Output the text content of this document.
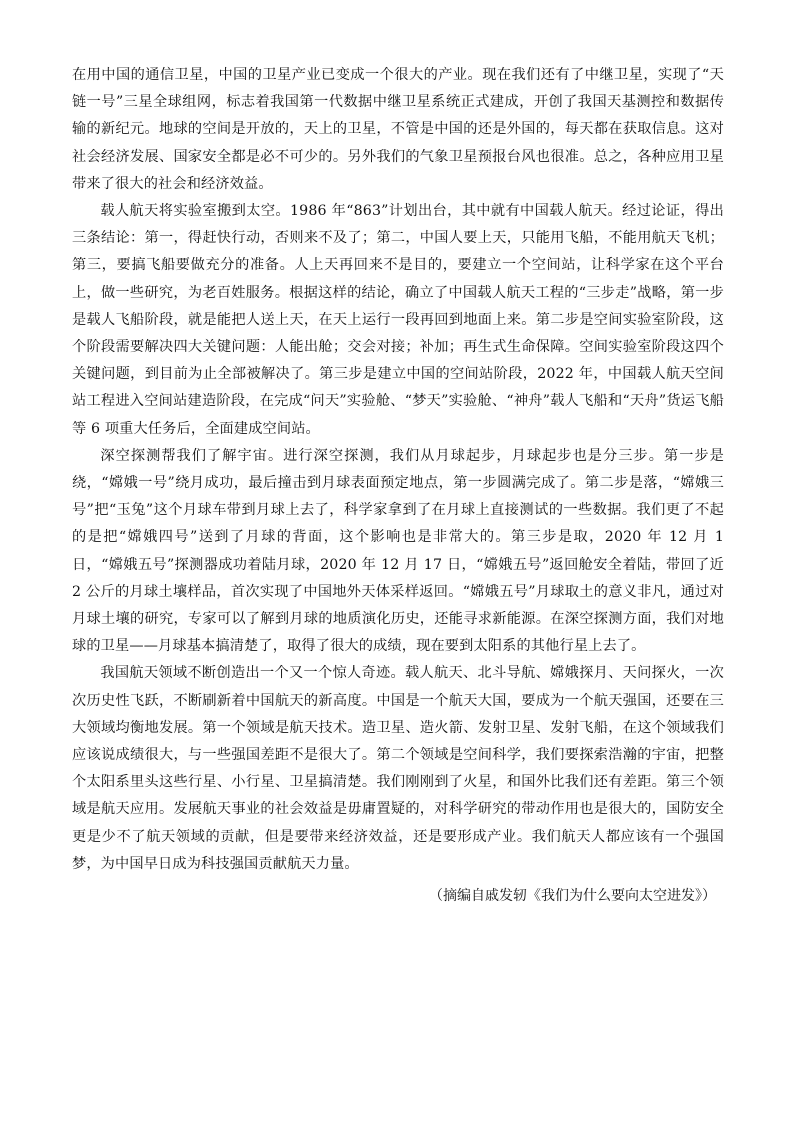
在用中国的通信卫星，中国的卫星产业已变成一个很大的产业。现在我们还有了中继卫星，实现了“天链一号”三星全球组网，标志着我国第一代数据中继卫星系统正式建成，开创了我国天基测控和数据传输的新纪元。地球的空间是开放的，天上的卫星，不管是中国的还是外国的，每天都在获取信息。这对社会经济发展、国家安全都是必不可少的。另外我们的气象卫星预报台风也很准。总之，各种应用卫星带来了很大的社会和经济效益。

载人航天将实验室搬到太空。1986 年“863”计划出台，其中就有中国载人航天。经过论证，得出三条结论：第一，得赶快行动，否则来不及了；第二，中国人要上天，只能用飞船，不能用航天飞机；第三，要搞飞船要做充分的准备。人上天再回来不是目的，要建立一个空间站，让科学家在这个平台上，做一些研究，为老百姓服务。根据这样的结论，确立了中国载人航天工程的“三步走”战略，第一步是载人飞船阶段，就是能把人送上天，在天上运行一段再回到地面上来。第二步是空间实验室阶段，这个阶段需要解决四大关键问题：人能出舱；交会对接；补加；再生式生命保障。空间实验室阶段这四个关键问题，到目前为止全部被解决了。第三步是建立中国的空间站阶段，2022 年，中国载人航天空间站工程进入空间站建造阶段，在完成“问天”实验舱、“梦天”实验舱、“神舟”载人飞船和“天舟”货运飞船等 6 项重大任务后，全面建成空间站。

深空探测帮我们了解宇宙。进行深空探测，我们从月球起步，月球起步也是分三步。第一步是绕，“嫦娥一号”绕月成功，最后撞击到月球表面预定地点，第一步圆满完成了。第二步是落，“嫦娥三号”把“玉兔”这个月球车带到月球上去了，科学家拿到了在月球上直接测试的一些数据。我们更了不起的是把“嫦娥四号”送到了月球的背面，这个影响也是非常大的。第三步是取，2020 年 12 月 1 日，“嫦娥五号”探测器成功着陆月球，2020 年 12 月 17 日，“嫦娥五号”返回舱安全着陆，带回了近 2 公斤的月球土壤样品，首次实现了中国地外天体采样返回。“嫦娥五号”月球取土的意义非凡，通过对月球土壤的研究，专家可以了解到月球的地质演化历史，还能寻求新能源。在深空探测方面，我们对地球的卫星——月球基本搞清楚了，取得了很大的成绩，现在要到太阳系的其他行星上去了。

我国航天领域不断创造出一个又一个惊人奇迹。载人航天、北斗导航、嫦娥探月、天问探火，一次次历史性飞跃，不断刷新着中国航天的新高度。中国是一个航天大国，要成为一个航天强国，还要在三大领域均衡地发展。第一个领域是航天技术。造卫星、造火箭、发射卫星、发射飞船，在这个领域我们应该说成绩很大，与一些强国差距不是很大了。第二个领域是空间科学，我们要探索浩瀚的宇宙，把整个太阳系里头这些行星、小行星、卫星搞清楚。我们刚刚到了火星，和国外比我们还有差距。第三个领域是航天应用。发展航天事业的社会效益是毋庸置疑的，对科学研究的带动作用也是很大的，国防安全更是少不了航天领域的贡献，但是要带来经济效益，还是要形成产业。我们航天人都应该有一个强国梦，为中国早日成为科技强国贡献航天力量。

（摘编自戚发轫《我们为什么要向太空进发》）
